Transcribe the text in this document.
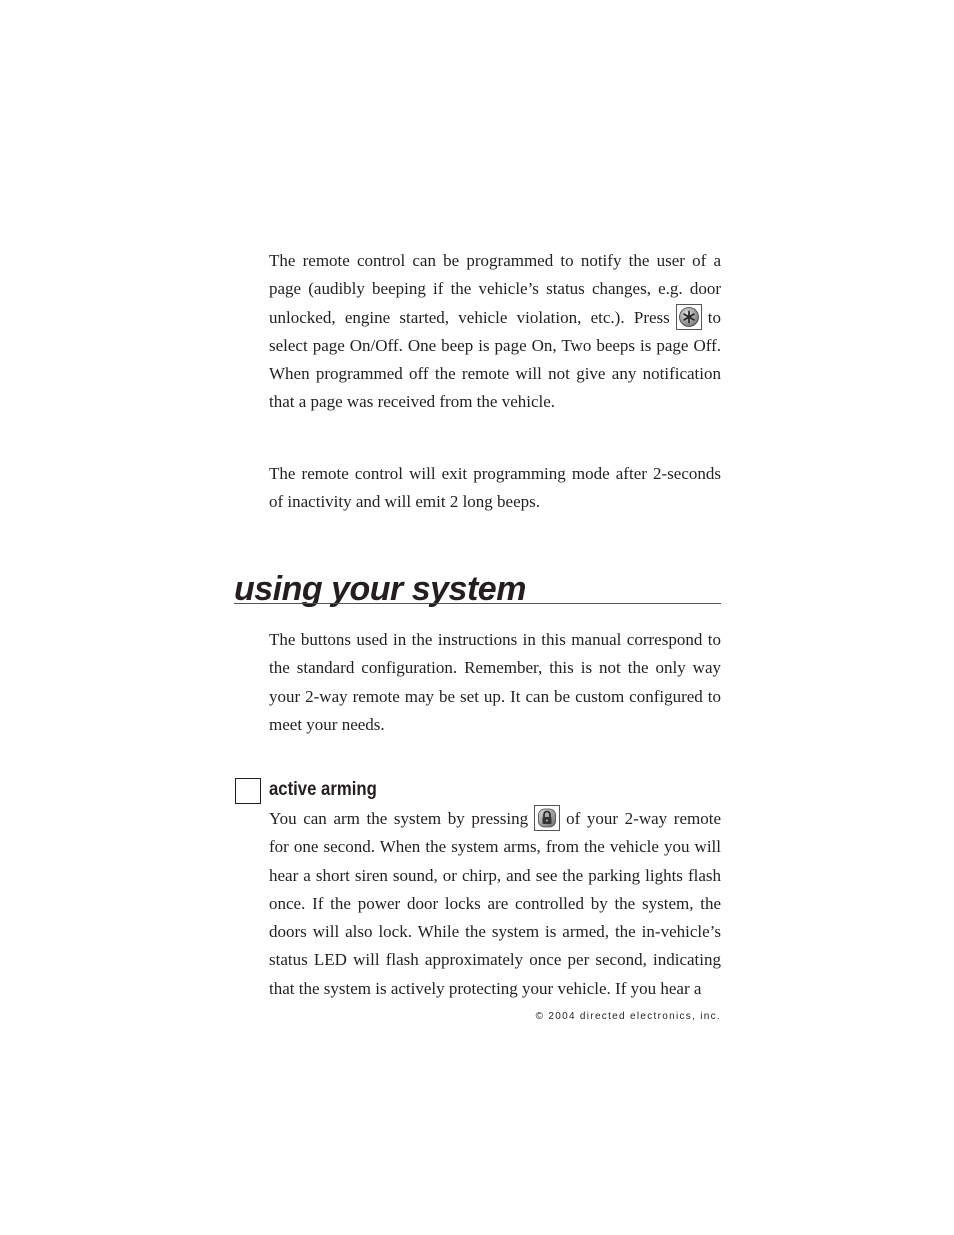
The remote control can be programmed to notify the user of a page (audibly beeping if the vehicle’s status changes, e.g. door unlocked, engine started, vehicle violation, etc.). Press to select page On/Off. One beep is page On, Two beeps is page Off. When programmed off the remote will not give any notification that a page was received from the vehicle.

The remote control will exit programming mode after 2-seconds of inactivity and will emit 2 long beeps.

using your system

The buttons used in the instructions in this manual correspond to the standard configuration. Remember, this is not the only way your 2-way remote may be set up. It can be custom configured to meet your needs.

active arming

You can arm the system by pressing of your 2-way remote for one second. When the system arms, from the vehicle you will hear a short siren sound, or chirp, and see the parking lights flash once. If the power door locks are controlled by the system, the doors will also lock. While the system is armed, the in-vehicle’s status LED will flash approximately once per second, indicating that the system is actively protecting your vehicle. If you hear a

© 2004 directed electronics, inc.
